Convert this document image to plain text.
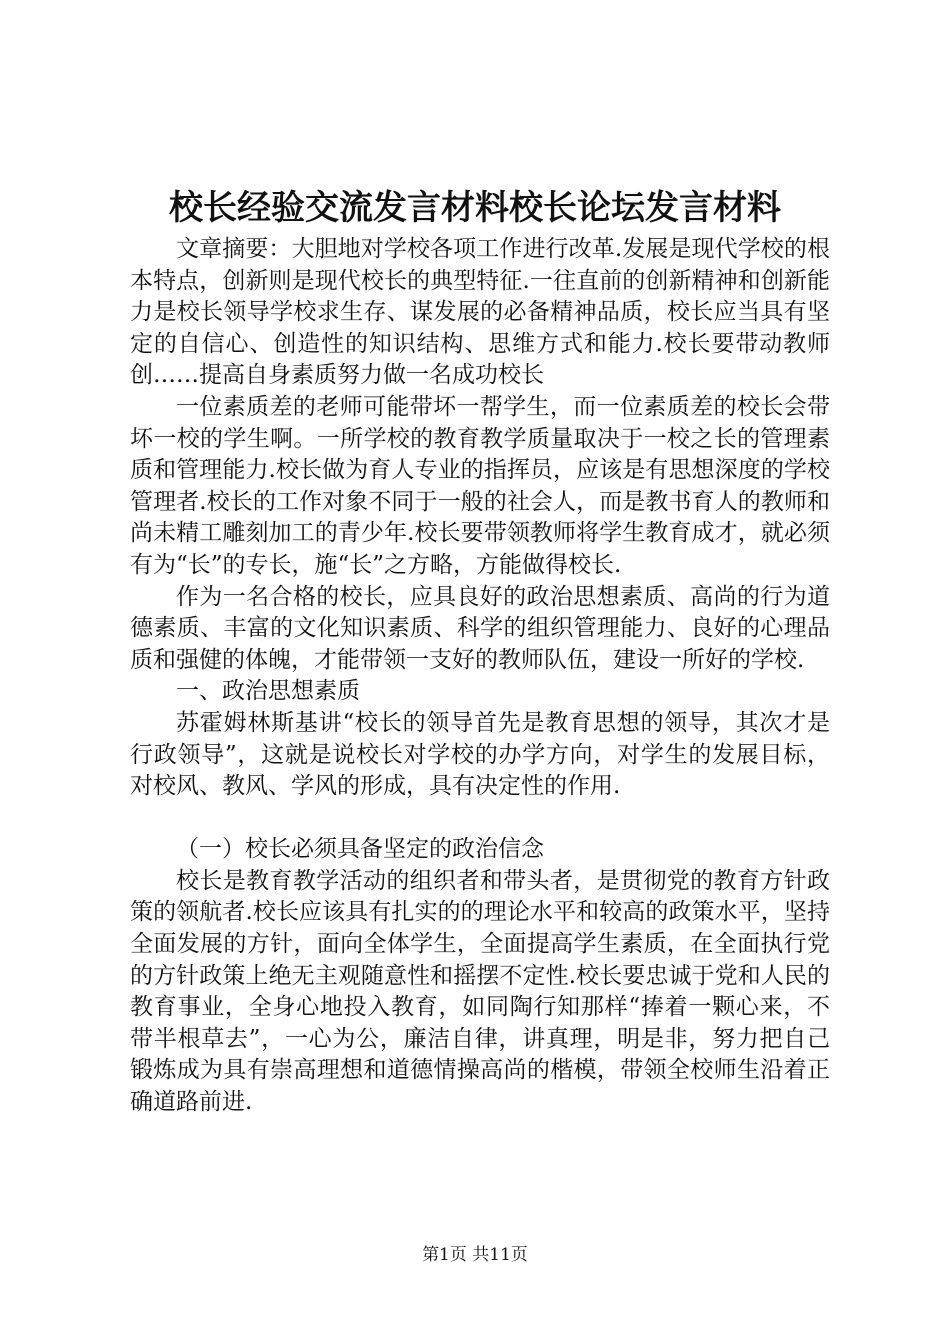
校长经验交流发言材料校长论坛发言材料

文章摘要：大胆地对学校各项工作进行改革.发展是现代学校的根本特点，创新则是现代校长的典型特征.一往直前的创新精神和创新能力是校长领导学校求生存、谋发展的必备精神品质，校长应当具有坚定的自信心、创造性的知识结构、思维方式和能力.校长要带动教师创……提高自身素质努力做一名成功校长

一位素质差的老师可能带坏一帮学生，而一位素质差的校长会带坏一校的学生啊。一所学校的教育教学质量取决于一校之长的管理素质和管理能力.校长做为育人专业的指挥员，应该是有思想深度的学校管理者.校长的工作对象不同于一般的社会人，而是教书育人的教师和尚未精工雕刻加工的青少年.校长要带领教师将学生教育成才，就必须有为“长”的专长，施“长”之方略，方能做得校长.

作为一名合格的校长，应具良好的政治思想素质、高尚的行为道德素质、丰富的文化知识素质、科学的组织管理能力、良好的心理品质和强健的体魄，才能带领一支好的教师队伍，建设一所好的学校.

一、政治思想素质

苏霍姆林斯基讲“校长的领导首先是教育思想的领导，其次才是行政领导”，这就是说校长对学校的办学方向，对学生的发展目标，对校风、教风、学风的形成，具有决定性的作用.

（一）校长必须具备坚定的政治信念

校长是教育教学活动的组织者和带头者，是贯彻党的教育方针政策的领航者.校长应该具有扎实的的理论水平和较高的政策水平，坚持全面发展的方针，面向全体学生，全面提高学生素质，在全面执行党的方针政策上绝无主观随意性和摇摆不定性.校长要忠诚于党和人民的教育事业，全身心地投入教育，如同陶行知那样“捧着一颗心来，不带半根草去”，一心为公，廉洁自律，讲真理，明是非，努力把自己锻炼成为具有崇高理想和道德情操高尚的楷模，带领全校师生沿着正确道路前进.

第1页 共11页
